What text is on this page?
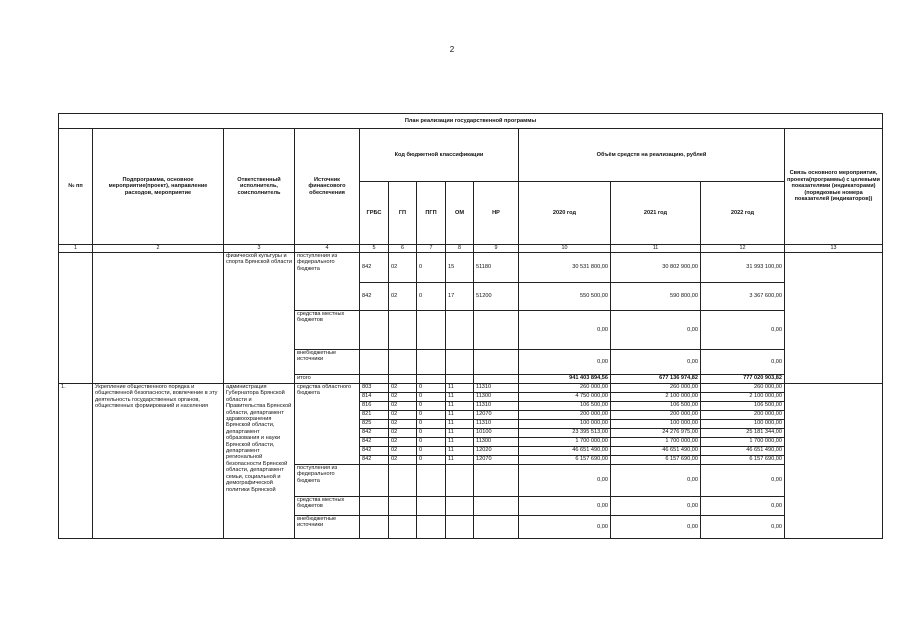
2
План реализации государственной программы												
№ пп	Подпрограмма, основное мероприятие(проект), направление расходов, мероприятие	Ответственный исполнитель, соисполнитель	Источник финансового обеспечения	Код бюджетной классификации					Объём средств на реализацию, рублей			Связь основного мероприятия, проекта(программы) с целевыми показателями (индикаторами) (порядковые номера показателей (индикаторов))
				ГРБС	ГП	ПГП	ОМ	НР	2020 год	2021 год	2022 год	
1	2	3	4	5	6	7	8	9	10	11	12	13
		физической культуры и спорта Брянской области	поступления из федерального бюджета	842	02	0	15	51180	30 531 800,00	30 802 900,00	31 993 100,00	
				842	02	0	17	51200	550 500,00	590 800,00	3 367 600,00	
			средства местных бюджетов						0,00	0,00	0,00	
			внебюджетные источники						0,00	0,00	0,00	
			итого						941 403 894,56	677 136 974,82	777 020 903,82	
1.	Укрепление общественного порядка и общественной безопасности, вовлечение в эту деятельность государственных органов, общественных формирований и населения	администрация Губернатора Брянской области и Правительства Брянской области, департамент здравоохранения Брянской области, департамент образования и науки Брянской области, департамент региональной безопасности Брянской области, департамент семьи, социальной и демографической политики Брянской	средства областного бюджета	803	02	0	11	11310	260 000,00	260 000,00	260 000,00	
				814	02	0	11	11300	4 750 000,00	2 100 000,00	2 100 000,00	
				816	02	0	11	11310	106 500,00	106 500,00	106 500,00	
				821	02	0	11	12070	200 000,00	200 000,00	200 000,00	
				825	02	0	11	11310	100 000,00	100 000,00	100 000,00	
				842	02	0	11	10100	23 395 513,00	24 276 975,00	25 181 344,00	
				842	02	0	11	11300	1 700 000,00	1 700 000,00	1 700 000,00	
				842	02	0	11	12020	46 651 490,00	46 651 490,00	46 651 490,00	
				842	02	0	11	12070	6 157 690,00	6 157 690,00	6 157 690,00	
			поступления из федерального бюджета						0,00	0,00	0,00	
			средства местных бюджетов						0,00	0,00	0,00	
			внебюджетные источники						0,00	0,00	0,00	
